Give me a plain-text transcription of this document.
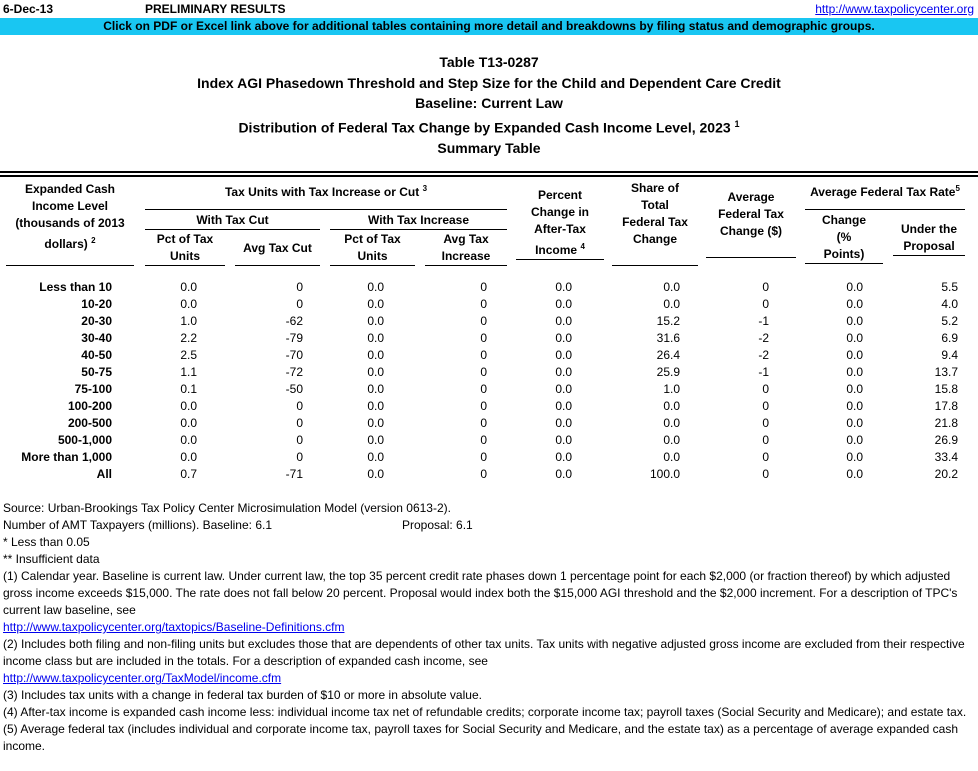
6-Dec-13	PRELIMINARY RESULTS	http://www.taxpolicycenter.org
Click on PDF or Excel link above for additional tables containing more detail and breakdowns by filing status and demographic groups.
Table T13-0287
Index AGI Phasedown Threshold and Step Size for the Child and Dependent Care Credit
Baseline: Current Law
Distribution of Federal Tax Change by Expanded Cash Income Level, 2023 $^1$
Summary Table
Expanded Cash Income Level (thousands of 2013 dollars) $^2$	Tax Units with Tax Increase or Cut $^3$				Percent Change in After-Tax Income $^4$	Share of Total Federal Tax Change	Average Federal Tax Change ($)	Average Federal Tax Rate$^5$

	With Tax Cut		With Tax Increase					Change (% Points)	Under the Proposal

	Pct of Tax Units	Avg Tax Cut	Pct of Tax Units	Avg Tax Increase					
Less than 10	0.0	0	0.0	0	0.0	0.0	0	0.0	5.5
10-20	0.0	0	0.0	0	0.0	0.0	0	0.0	4.0
20-30	1.0	-62	0.0	0	0.0	15.2	-1	0.0	5.2
30-40	2.2	-79	0.0	0	0.0	31.6	-2	0.0	6.9
40-50	2.5	-70	0.0	0	0.0	26.4	-2	0.0	9.4
50-75	1.1	-72	0.0	0	0.0	25.9	-1	0.0	13.7
75-100	0.1	-50	0.0	0	0.0	1.0	0	0.0	15.8
100-200	0.0	0	0.0	0	0.0	0.0	0	0.0	17.8
200-500	0.0	0	0.0	0	0.0	0.0	0	0.0	21.8
500-1,000	0.0	0	0.0	0	0.0	0.0	0	0.0	26.9
More than 1,000	0.0	0	0.0	0	0.0	0.0	0	0.0	33.4
All	0.7	-71	0.0	0	0.0	100.0	0	0.0	20.2
Source: Urban-Brookings Tax Policy Center Microsimulation Model (version 0613-2).
Number of AMT Taxpayers (millions). Baseline: 6.1	Proposal: 6.1
* Less than 0.05
** Insufficient data
(1) Calendar year. Baseline is current law. Under current law, the top 35 percent credit rate phases down 1 percentage point for each $2,000 (or fraction thereof) by which adjusted gross income exceeds $15,000. The rate does not fall below 20 percent. Proposal would index both the $15,000 AGI threshold and the $2,000 increment. For a description of TPC's current law baseline, see
http://www.taxpolicycenter.org/taxtopics/Baseline-Definitions.cfm
(2) Includes both filing and non-filing units but excludes those that are dependents of other tax units. Tax units with negative adjusted gross income are excluded from their respective income class but are included in the totals. For a description of expanded cash income, see
http://www.taxpolicycenter.org/TaxModel/income.cfm
(3) Includes tax units with a change in federal tax burden of $10 or more in absolute value.
(4) After-tax income is expanded cash income less: individual income tax net of refundable credits; corporate income tax; payroll taxes (Social Security and Medicare); and estate tax.
(5) Average federal tax (includes individual and corporate income tax, payroll taxes for Social Security and Medicare, and the estate tax) as a percentage of average expanded cash income.
